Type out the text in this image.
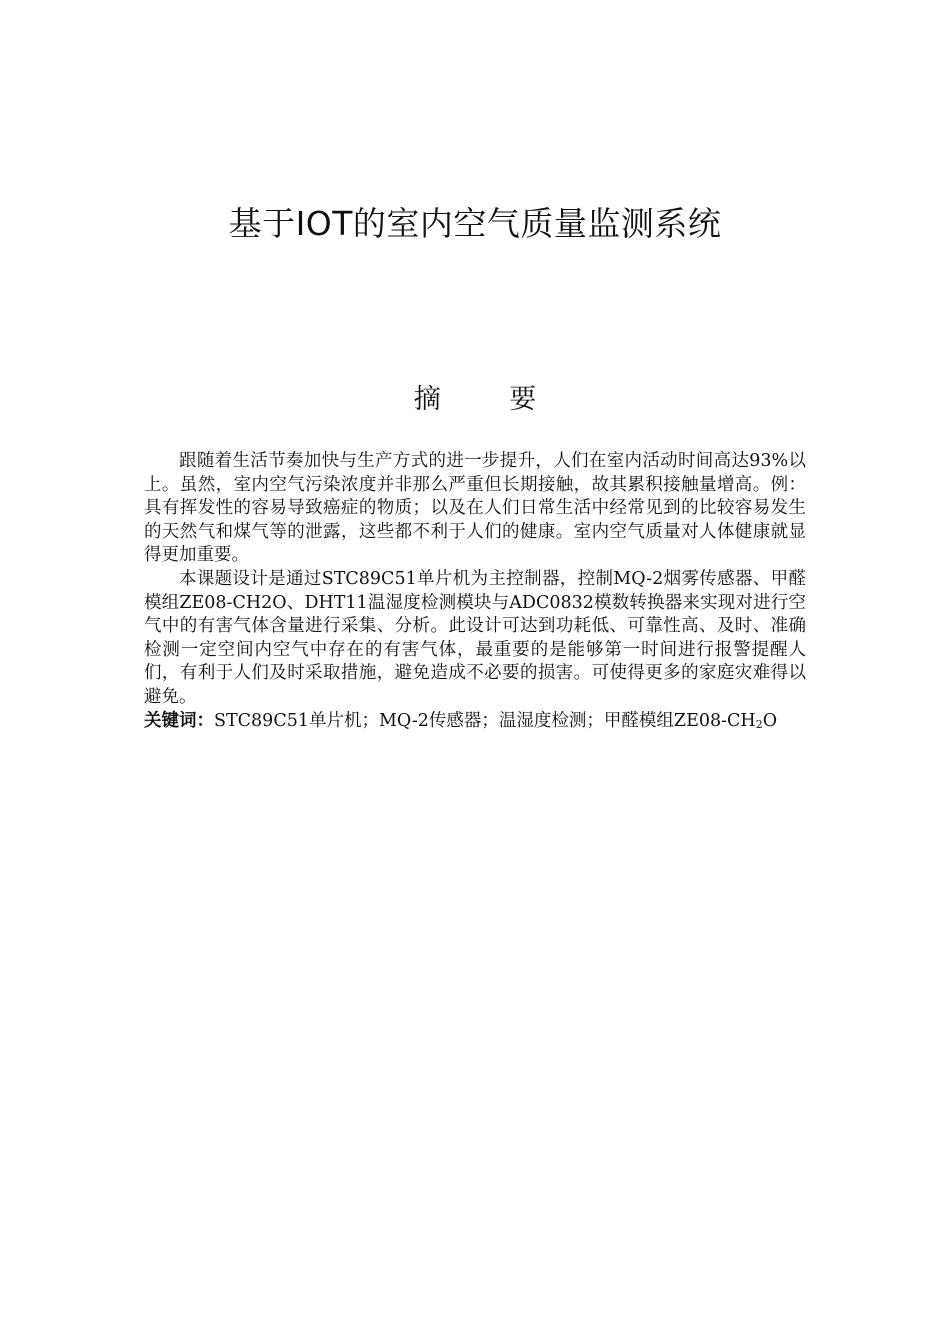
基于IOT的室内空气质量监测系统
摘 要

跟随着生活节奏加快与生产方式的进一步提升，人们在室内活动时间高达93%以上。虽然，室内空气污染浓度并非那么严重但长期接触，故其累积接触量增高。例：具有挥发性的容易导致癌症的物质；以及在人们日常生活中经常见到的比较容易发生的天然气和煤气等的泄露，这些都不利于人们的健康。室内空气质量对人体健康就显得更加重要。

本课题设计是通过STC89C51单片机为主控制器，控制MQ-2烟雾传感器、甲醛模组ZE08-CH2O、DHT11温湿度检测模块与ADC0832模数转换器来实现对进行空气中的有害气体含量进行采集、分析。此设计可达到功耗低、可靠性高、及时、准确检测一定空间内空气中存在的有害气体，最重要的是能够第一时间进行报警提醒人们，有利于人们及时采取措施，避免造成不必要的损害。可使得更多的家庭灾难得以避免。

关键词：STC89C51单片机；MQ-2传感器；温湿度检测；甲醛模组ZE08-CH2O
